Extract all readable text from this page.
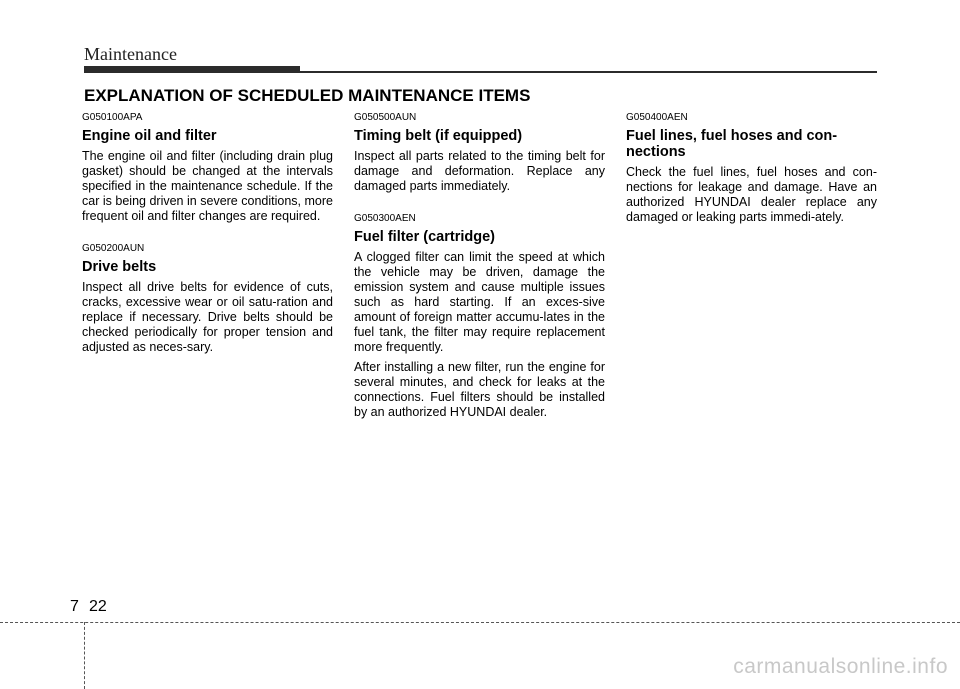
Maintenance
EXPLANATION OF SCHEDULED MAINTENANCE ITEMS
G050100APA
Engine oil and filter

The engine oil and filter (including drain plug gasket) should be changed at the intervals specified in the maintenance schedule. If the car is being driven in severe conditions, more frequent oil and filter changes are required.

G050200AUN
Drive belts

Inspect all drive belts for evidence of cuts, cracks, excessive wear or oil satu-ration and replace if necessary. Drive belts should be checked periodically for proper tension and adjusted as neces-sary.

G050500AUN
Timing belt (if equipped)

Inspect all parts related to the timing belt for damage and deformation. Replace any damaged parts immediately.

G050300AEN
Fuel filter (cartridge)

A clogged filter can limit the speed at which the vehicle may be driven, damage the emission system and cause multiple issues such as hard starting. If an exces-sive amount of foreign matter accumu-lates in the fuel tank, the filter may require replacement more frequently.

After installing a new filter, run the engine for several minutes, and check for leaks at the connections. Fuel filters should be installed by an authorized HYUNDAI dealer.

G050400AEN
Fuel lines, fuel hoses and con-nections

Check the fuel lines, fuel hoses and con-nections for leakage and damage. Have an authorized HYUNDAI dealer replace any damaged or leaking parts immedi-ately.

7 22
carmanualsonline.info
